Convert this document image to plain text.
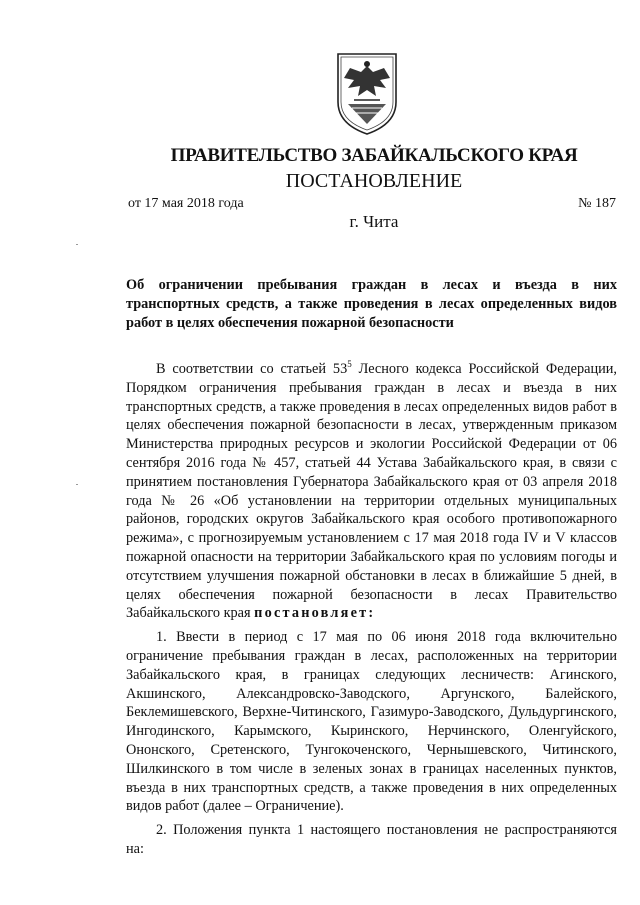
ПРАВИТЕЛЬСТВО ЗАБАЙКАЛЬСКОГО КРАЯ
ПОСТАНОВЛЕНИЕ
от 17 мая 2018 года	№ 187
г. Чита
Об ограничении пребывания граждан в лесах и въезда в них транспортных средств, а также проведения в лесах определенных видов работ в целях обеспечения пожарной безопасности

В соответствии со статьей $53^5$ Лесного кодекса Российской Федерации, Порядком ограничения пребывания граждан в лесах и въезда в них транспортных средств, а также проведения в лесах определенных видов работ в целях обеспечения пожарной безопасности в лесах, утвержденным приказом Министерства природных ресурсов и экологии Российской Федерации от 06 сентября 2016 года № 457, статьей 44 Устава Забайкальского края, в связи с принятием постановления Губернатора Забайкальского края от 03 апреля 2018 года № 26 «Об установлении на территории отдельных муниципальных районов, городских округов Забайкальского края особого противопожарного режима», с прогнозируемым установлением с 17 мая 2018 года IV и V классов пожарной опасности на территории Забайкальского края по условиям погоды и отсутствием улучшения пожарной обстановки в лесах в ближайшие 5 дней, в целях обеспечения пожарной безопасности в лесах Правительство Забайкальского края постановляет:

1. Ввести в период с 17 мая по 06 июня 2018 года включительно ограничение пребывания граждан в лесах, расположенных на территории Забайкальского края, в границах следующих лесничеств: Агинского, Акшинского, Александровско-Заводского, Аргунского, Балейского, Беклемишевского, Верхне-Читинского, Газимуро-Заводского, Дульдургинского, Ингодинского, Карымского, Кыринского, Нерчинского, Оленгуйского, Ононского, Сретенского, Тунгокоченского, Чернышевского, Читинского, Шилкинского в том числе в зеленых зонах в границах населенных пунктов, въезда в них транспортных средств, а также проведения в них определенных видов работ (далее – Ограничение).

2. Положения пункта 1 настоящего постановления не распространяются на:
